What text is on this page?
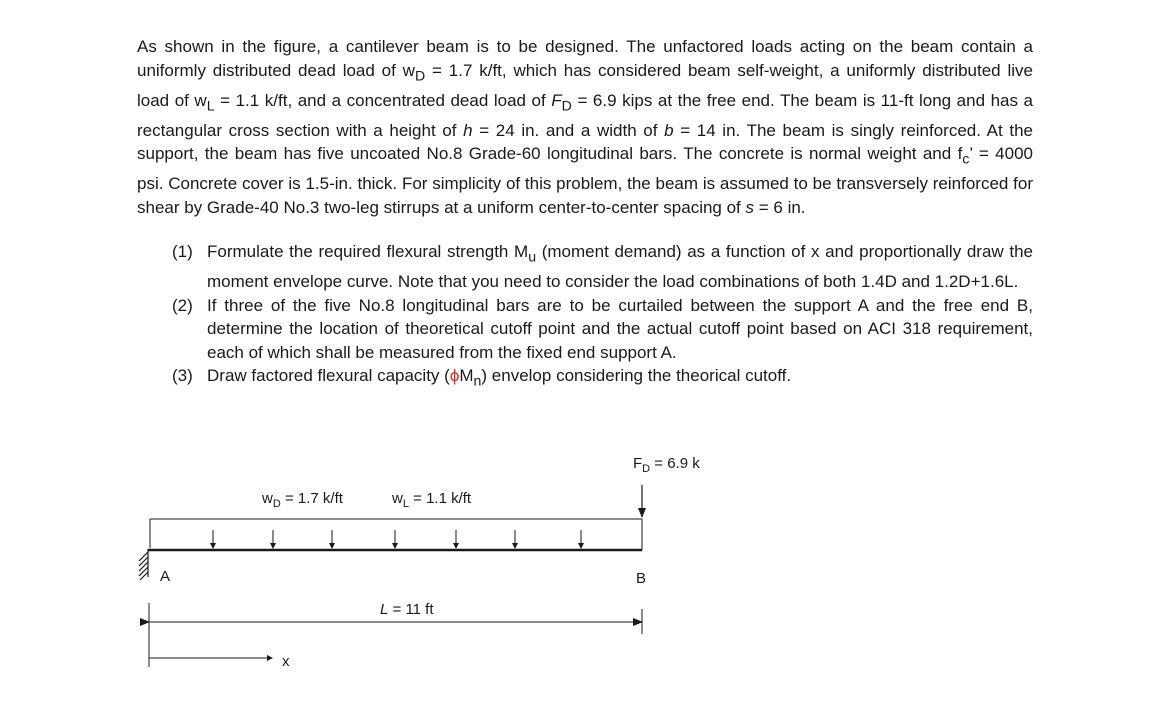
As shown in the figure, a cantilever beam is to be designed. The unfactored loads acting on the beam contain a uniformly distributed dead load of $w_D = 1.7$ k/ft, which has considered beam self-weight, a uniformly distributed live load of $w_L = 1.1$ k/ft, and a concentrated dead load of $F_D = 6.9$ kips at the free end. The beam is 11-ft long and has a rectangular cross section with a height of h = 24 in. and a width of b = 14 in. The beam is singly reinforced. At the support, the beam has five uncoated No.8 Grade-60 longitudinal bars. The concrete is normal weight and $f_c$’ = 4000 psi. Concrete cover is 1.5-in. thick. For simplicity of this problem, the beam is assumed to be transversely reinforced for shear by Grade-40 No.3 two-leg stirrups at a uniform center-to-center spacing of s = 6 in.

(1) Formulate the required flexural strength $M_u$ (moment demand) as a function of x and proportionally draw the moment envelope curve. Note that you need to consider the load combinations of both 1.4D and 1.2D+1.6L.
(2) If three of the five No.8 longitudinal bars are to be curtailed between the support A and the free end B, determine the location of theoretical cutoff point and the actual cutoff point based on ACI 318 requirement, each of which shall be measured from the fixed end support A.
(3) Draw factored flexural capacity $(\phi M_n)$ envelop considering the theorical cutoff.
$F_D = 6.9$ k
$w_D = 1.7$ k/ft	$w_L = 1.1$ k/ft
A	B
L = 11 ft
x
